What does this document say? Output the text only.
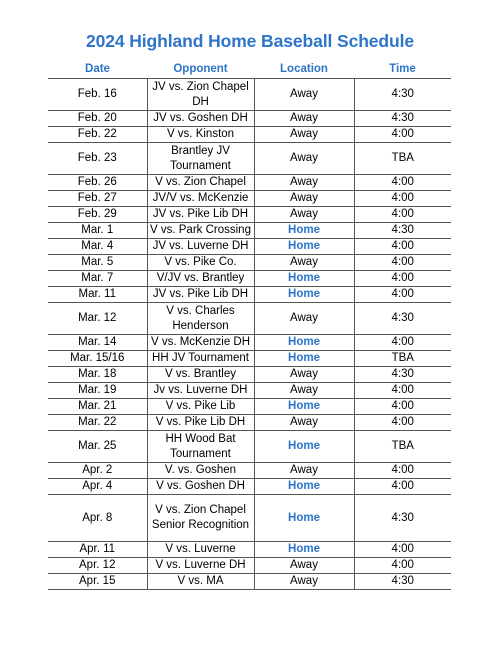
2024 Highland Home Baseball Schedule
Date	Opponent	Location	Time
Feb. 16	JV vs. Zion Chapel DH	Away	4:30
Feb. 20	JV vs. Goshen DH	Away	4:30
Feb. 22	V vs. Kinston	Away	4:00
Feb. 23	Brantley JV Tournament	Away	TBA
Feb. 26	V vs. Zion Chapel	Away	4:00
Feb. 27	JV/V vs. McKenzie	Away	4:00
Feb. 29	JV vs. Pike Lib DH	Away	4:00
Mar. 1	V vs. Park Crossing	Home	4:30
Mar. 4	JV vs. Luverne DH	Home	4:00
Mar. 5	V vs. Pike Co.	Away	4:00
Mar. 7	V/JV vs. Brantley	Home	4:00
Mar. 11	JV vs. Pike Lib DH	Home	4:00
Mar. 12	V vs. Charles Henderson	Away	4:30
Mar. 14	V vs. McKenzie DH	Home	4:00
Mar. 15/16	HH JV Tournament	Home	TBA
Mar. 18	V vs. Brantley	Away	4:30
Mar. 19	Jv vs. Luverne DH	Away	4:00
Mar. 21	V vs. Pike Lib	Home	4:00
Mar. 22	V vs. Pike Lib DH	Away	4:00
Mar. 25	HH Wood Bat Tournament	Home	TBA
Apr. 2	V. vs. Goshen	Away	4:00
Apr. 4	V vs. Goshen DH	Home	4:00
Apr. 8	V vs. Zion Chapel Senior Recognition	Home	4:30
Apr. 11	V vs. Luverne	Home	4:00
Apr. 12	V vs. Luverne DH	Away	4:00
Apr. 15	V vs. MA	Away	4:30
